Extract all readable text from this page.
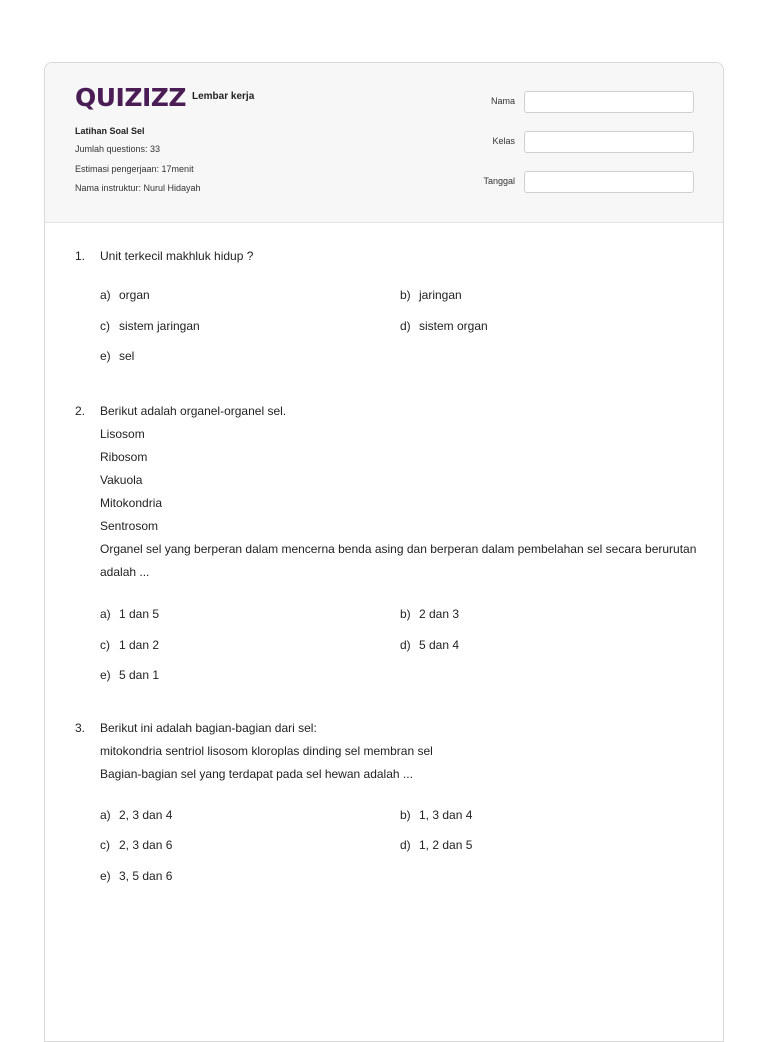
QUIZIZZ Lembar kerja
Latihan Soal Sel
Jumlah questions: 33
Estimasi pengerjaan: 17menit
Nama instruktur: Nurul Hidayah
Nama
Kelas
Tanggal
1.	Unit terkecil makhluk hidup ?
a) organ	b) jaringan
c) sistem jaringan	d) sistem organ
e) sel
2.	Berikut adalah organel-organel sel.
Lisosom
Ribosom
Vakuola
Mitokondria
Sentrosom
Organel sel yang berperan dalam mencerna benda asing dan berperan dalam pembelahan sel secara berurutan adalah ...
a) 1 dan 5	b) 2 dan 3
c) 1 dan 2	d) 5 dan 4
e) 5 dan 1
3.	Berikut ini adalah bagian-bagian dari sel:
mitokondria sentriol lisosom kloroplas dinding sel membran sel
Bagian-bagian sel yang terdapat pada sel hewan adalah ...
a) 2, 3 dan 4	b) 1, 3 dan 4
c) 2, 3 dan 6	d) 1, 2 dan 5
e) 3, 5 dan 6
